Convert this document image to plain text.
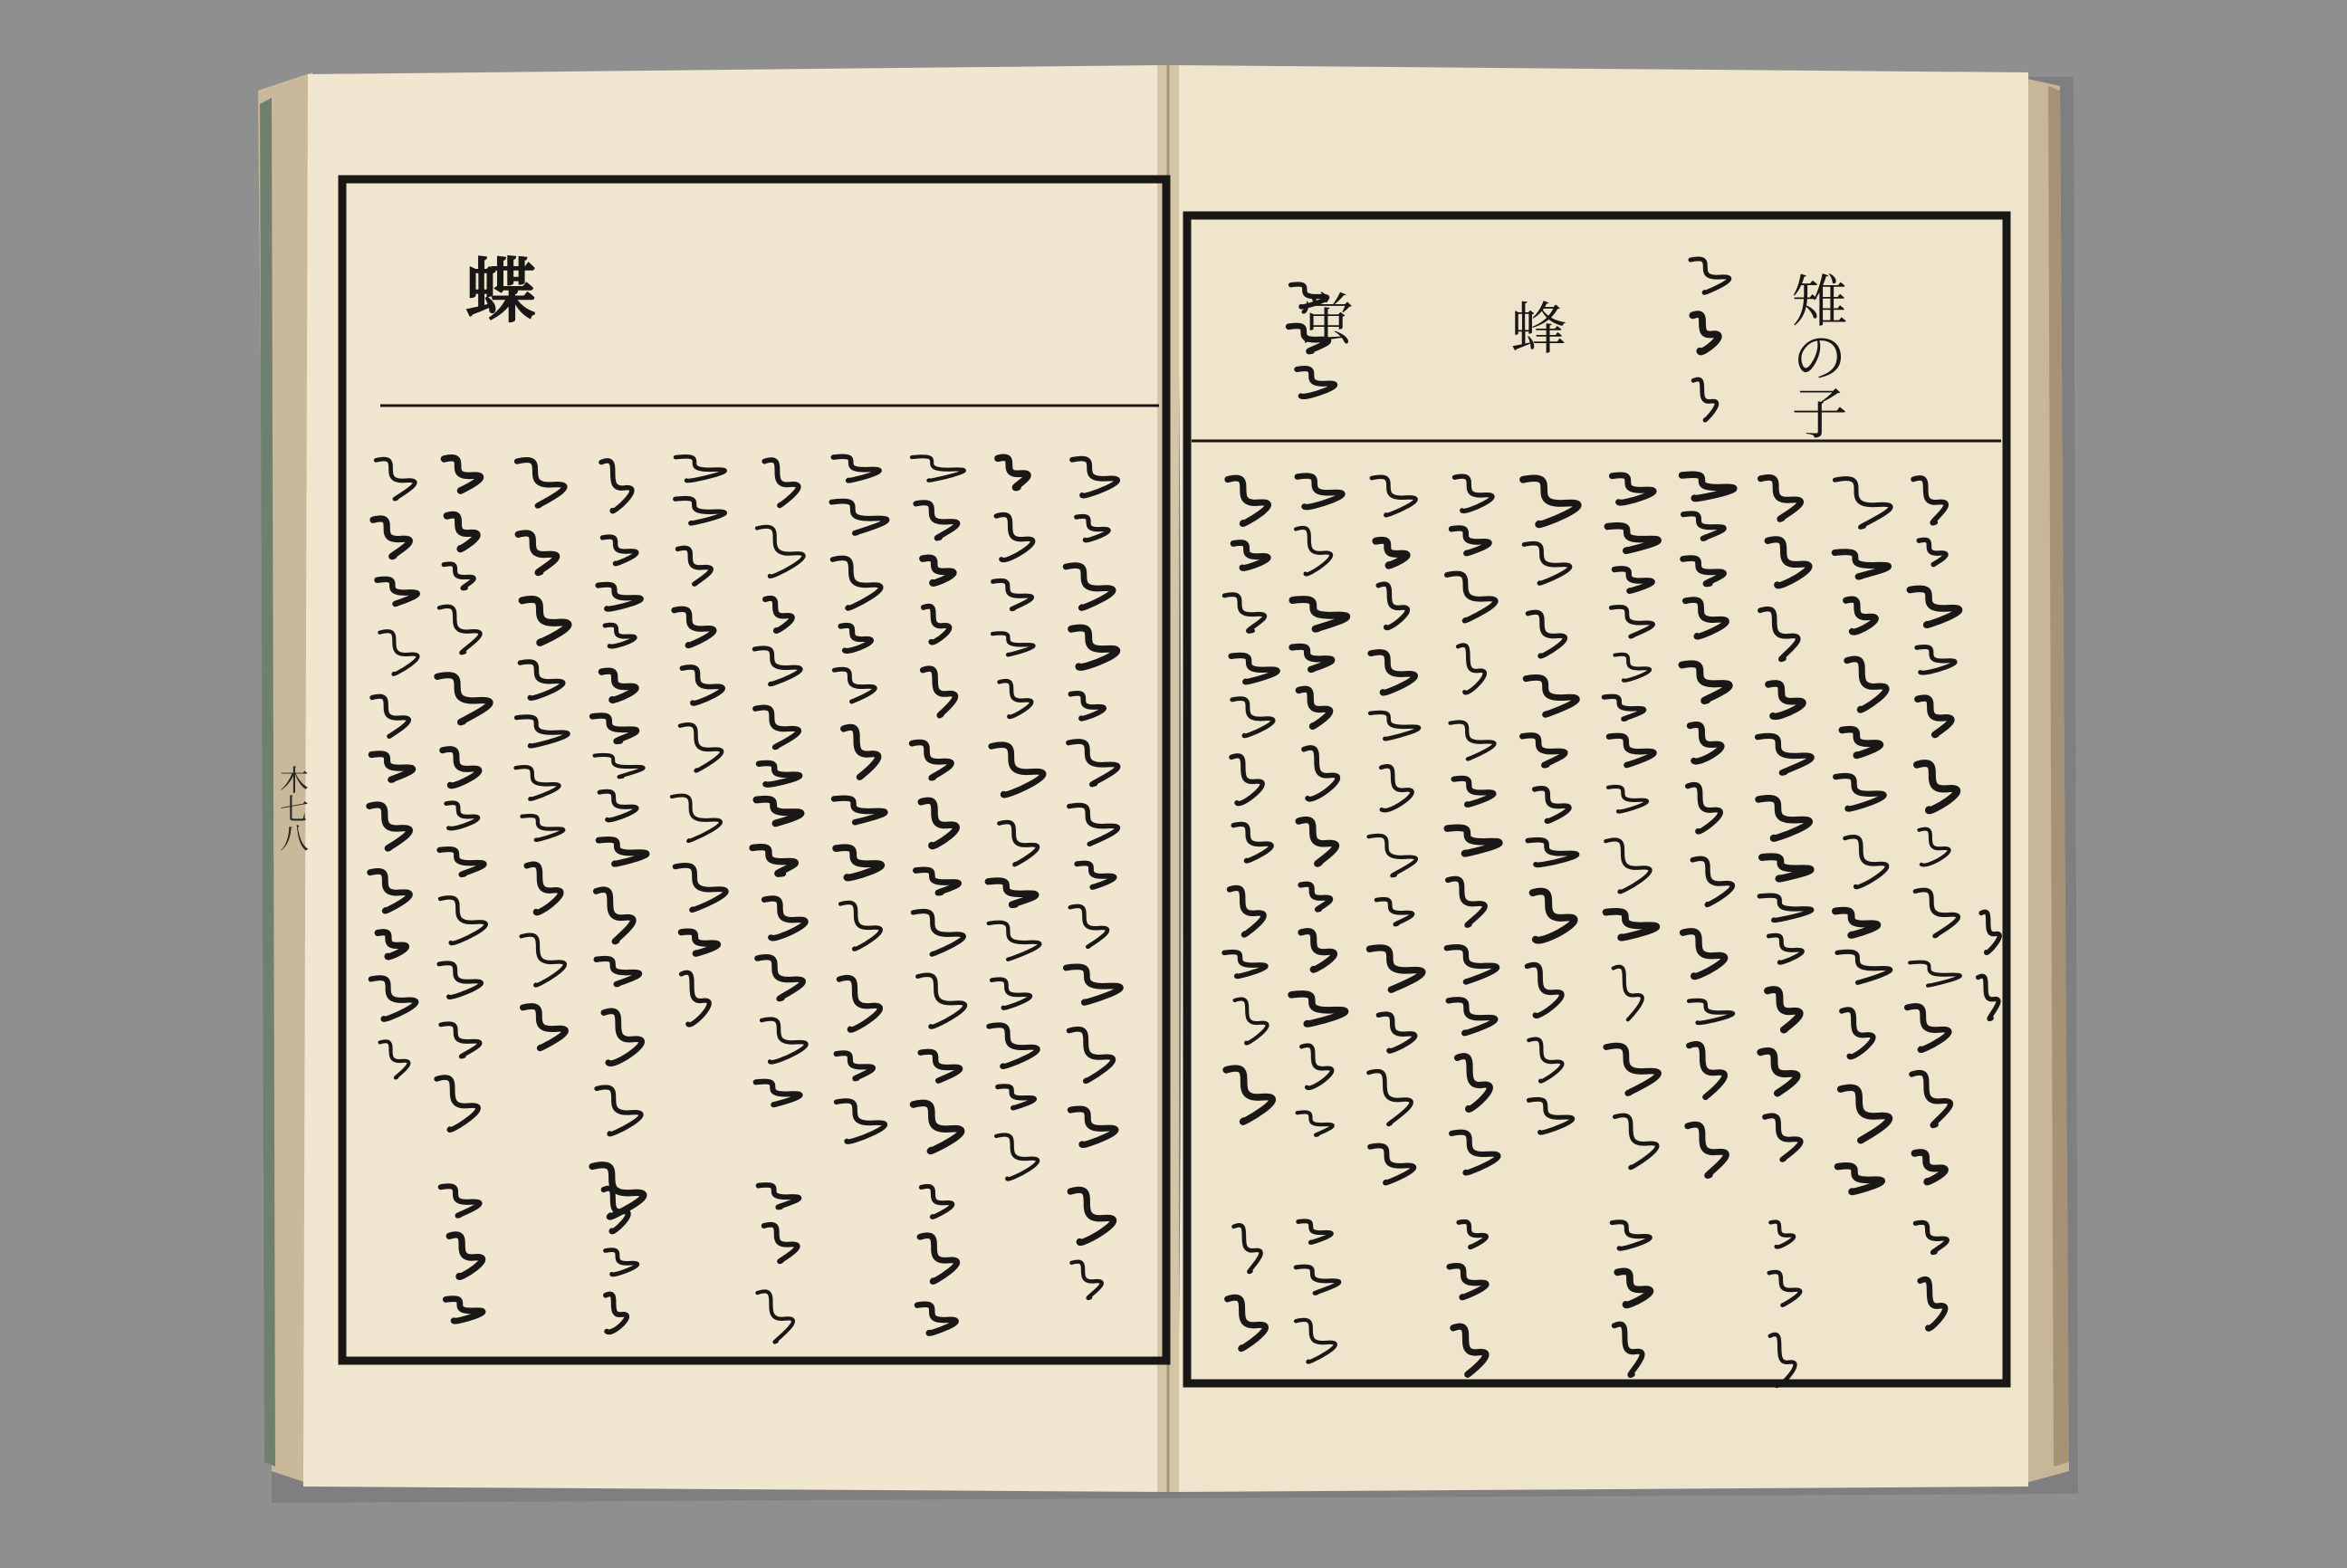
蝶	雉の子
蜂
蛍
木七八
